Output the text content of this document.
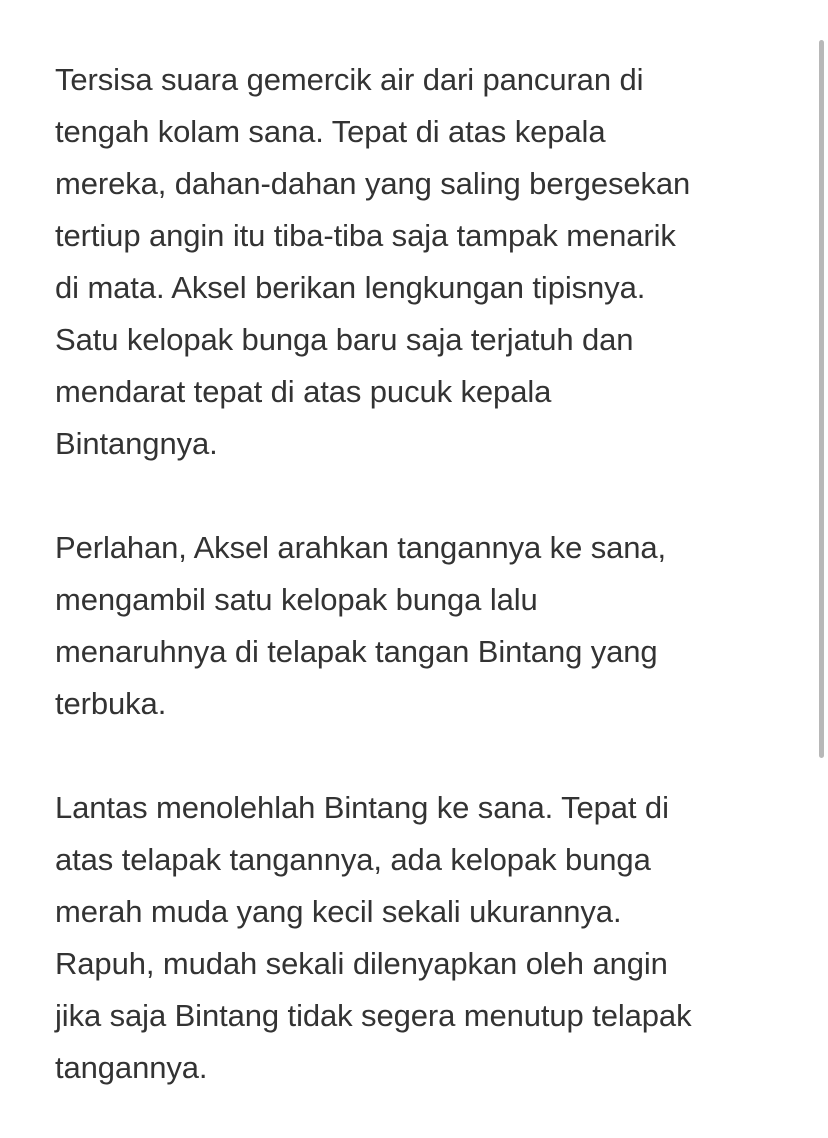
Tersisa suara gemercik air dari pancuran di
tengah kolam sana. Tepat di atas kepala
mereka, dahan-dahan yang saling bergesekan
tertiup angin itu tiba-tiba saja tampak menarik
di mata. Aksel berikan lengkungan tipisnya.
Satu kelopak bunga baru saja terjatuh dan
mendarat tepat di atas pucuk kepala
Bintangnya.
Perlahan, Aksel arahkan tangannya ke sana,
mengambil satu kelopak bunga lalu
menaruhnya di telapak tangan Bintang yang
terbuka.
Lantas menolehlah Bintang ke sana. Tepat di
atas telapak tangannya, ada kelopak bunga
merah muda yang kecil sekali ukurannya.
Rapuh, mudah sekali dilenyapkan oleh angin
jika saja Bintang tidak segera menutup telapak
tangannya.
